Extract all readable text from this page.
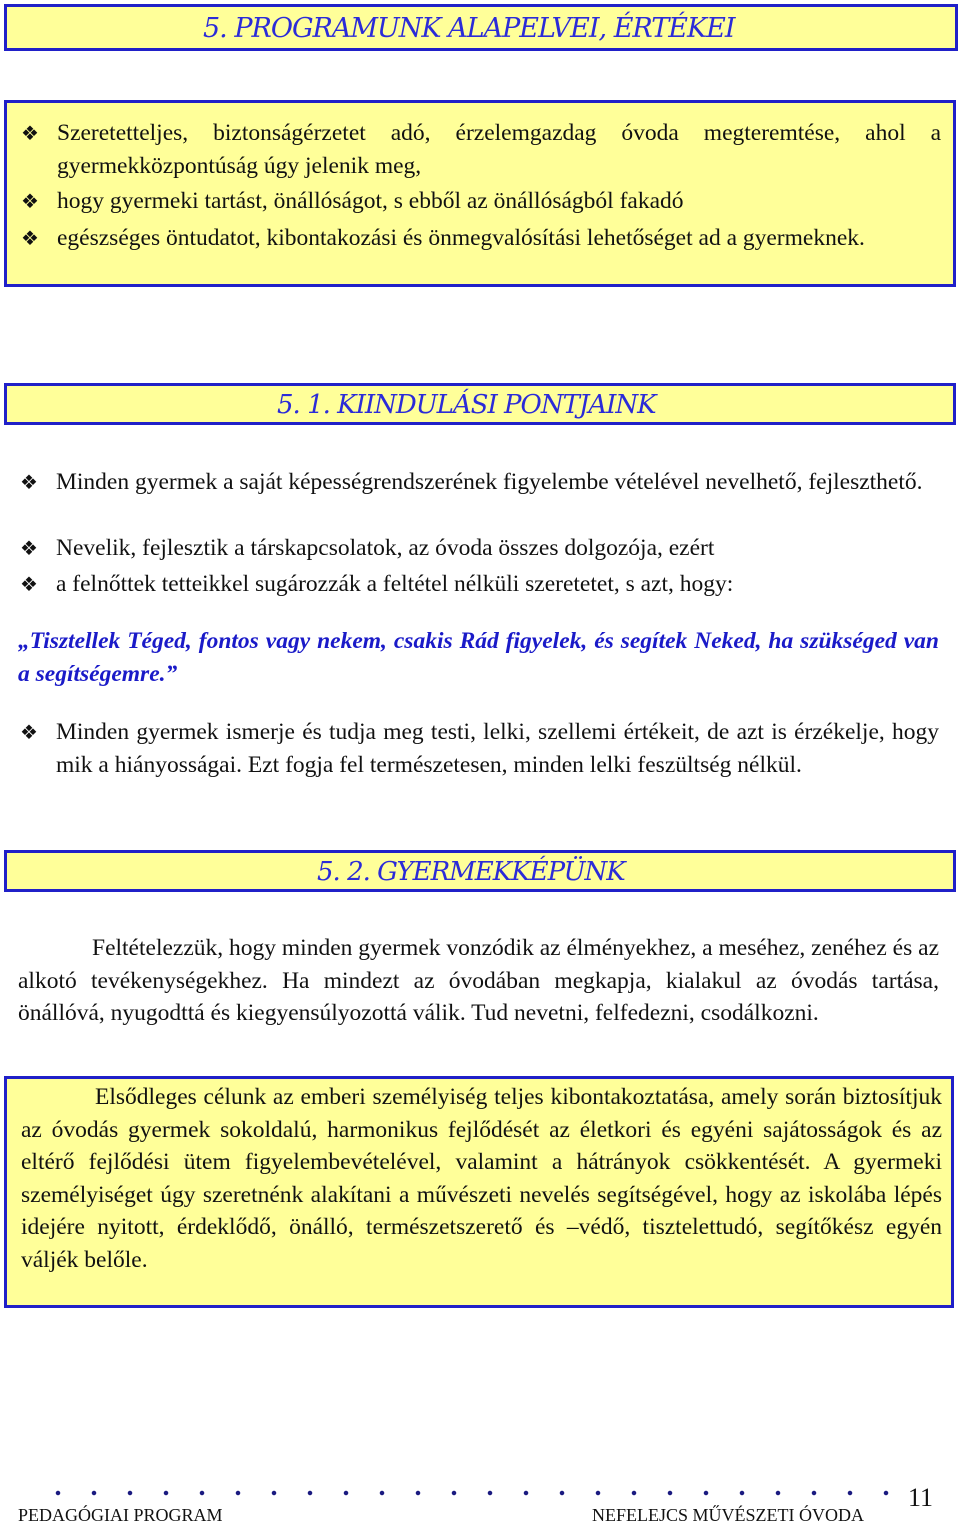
5. PROGRAMUNK ALAPELVEI, ÉRTÉKEI
❖ Szeretetteljes, biztonságérzetet adó, érzelemgazdag óvoda megteremtése, ahol a gyermekközpontúság úgy jelenik meg,
❖ hogy gyermeki tartást, önállóságot, s ebből az önállóságból fakadó
❖ egészséges öntudatot, kibontakozási és önmegvalósítási lehetőséget ad a gyermeknek.
5. 1. KIINDULÁSI PONTJAINK
❖ Minden gyermek a saját képességrendszerének figyelembe vételével nevelhető, fejleszthető.
❖ Nevelik, fejlesztik a társkapcsolatok, az óvoda összes dolgozója, ezért
❖ a felnőttek tetteikkel sugározzák a feltétel nélküli szeretetet, s azt, hogy:
„Tisztellek Téged, fontos vagy nekem, csakis Rád figyelek, és segítek Neked, ha szükséged van a segítségemre.”
❖ Minden gyermek ismerje és tudja meg testi, lelki, szellemi értékeit, de azt is érzékelje, hogy mik a hiányosságai. Ezt fogja fel természetesen, minden lelki feszültség nélkül.
5. 2. GYERMEKKÉPÜNK
Feltételezzük, hogy minden gyermek vonzódik az élményekhez, a meséhez, zenéhez és az alkotó tevékenységekhez. Ha mindezt az óvodában megkapja, kialakul az óvodás tartása, önállóvá, nyugodttá és kiegyensúlyozottá válik. Tud nevetni, felfedezni, csodálkozni.
Elsődleges célunk az emberi személyiség teljes kibontakoztatása, amely során biztosítjuk az óvodás gyermek sokoldalú, harmonikus fejlődését az életkori és egyéni sajátosságok és az eltérő fejlődési ütem figyelembevételével, valamint a hátrányok csökkentését. A gyermeki személyiséget úgy szeretnénk alakítani a művészeti nevelés segítségével, hogy az iskolába lépés idejére nyitott, érdeklődő, önálló, természetszerető és –védő, tisztelettudó, segítőkész egyén váljék belőle.
11
PEDAGÓGIAI PROGRAM	NEFELEJCS MŰVÉSZETI ÓVODA
